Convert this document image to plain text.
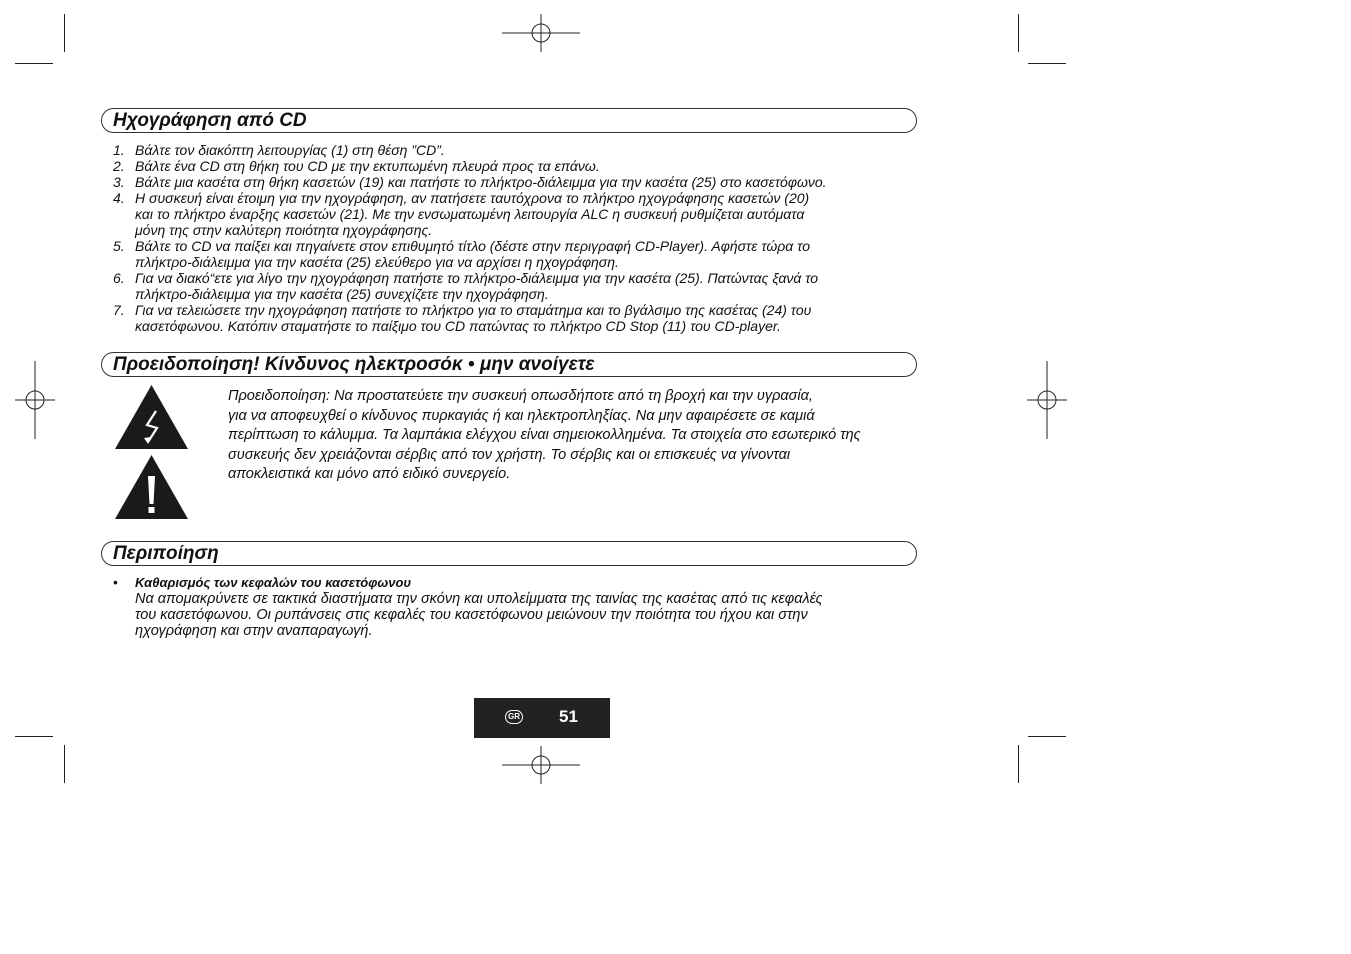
Ηχογράφηση από CD
1. Βάλτε τον διακόπτη λειτουργίας (1) στη θέση ”CD”.
2. Βάλτε ένα CD στη θήκη του CD με την εκτυπωμένη πλευρά προς τα επάνω.
3. Βάλτε μια κασέτα στη θήκη κασετών (19) και πατήστε το πλήκτρο-διάλειμμα για την κασέτα (25) στο κασετόφωνο.
4. Η συσκευή είναι έτοιμη για την ηχογράφηση, αν πατήσετε ταυτόχρονα το πλήκτρο ηχογράφησης κασετών (20)
και το πλήκτρο έναρξης κασετών (21). Με την ενσωματωμένη λειτουργία ALC η συσκευή ρυθμίζεται αυτόματα
μόνη της στην καλύτερη ποιότητα ηχογράφησης.
5. Βάλτε το CD να παίξει και πηγαίνετε στον επιθυμητό τίτλο (δέστε στην περιγραφή CD-Player). Αφήστε τώρα το
πλήκτρο-διάλειμμα για την κασέτα (25) ελεύθερο για να αρχίσει η ηχογράφηση.
6. Για να διακό“ετε για λίγο την ηχογράφηση πατήστε το πλήκτρο-διάλειμμα για την κασέτα (25). Πατώντας ξανά το
πλήκτρο-διάλειμμα για την κασέτα (25) συνεχίζετε την ηχογράφηση.
7. Για να τελειώσετε την ηχογράφηση πατήστε το πλήκτρο για το σταμάτημα και το βγάλσιμο της κασέτας (24) του
κασετόφωνου. Κατόπιν σταματήστε το παίξιμο του CD πατώντας το πλήκτρο CD Stop (11) του CD-player.
Προειδοποίηση! Κίνδυνος ηλεκτροσόκ • μην ανοίγετε
Προειδοποίηση: Να προστατεύετε την συσκευή οπωσδήποτε από τη βροχή και την υγρασία,
για να αποφευχθεί ο κίνδυνος πυρκαγιάς ή και ηλεκτροπληξίας. Να μην αφαιρέσετε σε καμιά
περίπτωση το κάλυμμα. Τα λαμπάκια ελέγχου είναι σημειοκολλημένα. Τα στοιχεία στο εσωτερικό της
συσκευής δεν χρειάζονται σέρβις από τον χρήστη. Το σέρβις και οι επισκευές να γίνονται
αποκλειστικά και μόνο από ειδικό συνεργείο.
Περιποίηση
• Καθαρισμός των κεφαλών του κασετόφωνου
Να απομακρύνετε σε τακτικά διαστήματα την σκόνη και υπολείμματα της ταινίας της κασέτας από τις κεφαλές
του κασετόφωνου. Οι ρυπάνσεις στις κεφαλές του κασετόφωνου μειώνουν την ποιότητα του ήχου και στην
ηχογράφηση και στην αναπαραγωγή.
GR 51
